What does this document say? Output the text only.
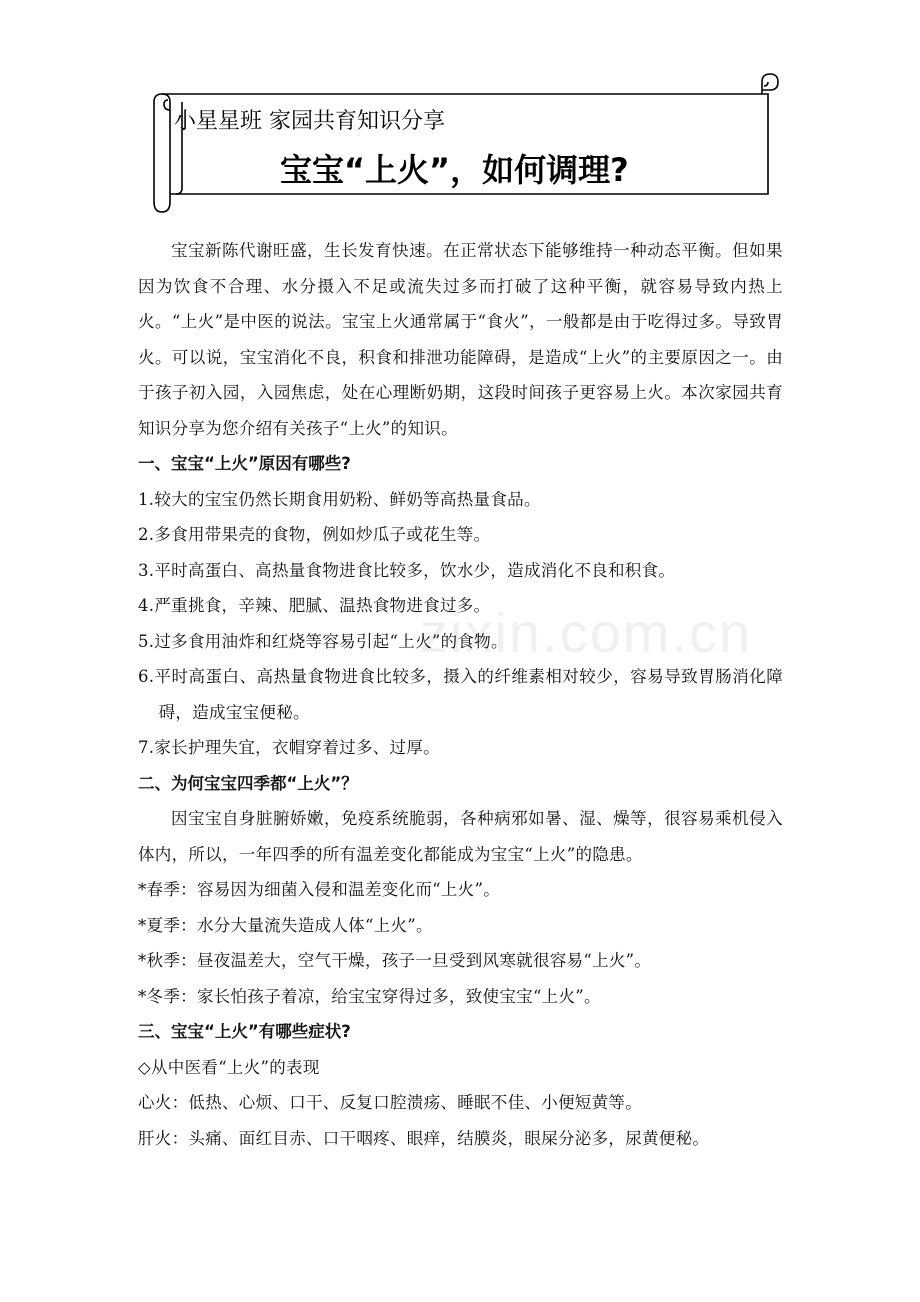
小星星班 家园共育知识分享
宝宝“上火”，如何调理?
zixin.com.cn

宝宝新陈代谢旺盛，生长发育快速。在正常状态下能够维持一种动态平衡。但如果因为饮食不合理、水分摄入不足或流失过多而打破了这种平衡，就容易导致内热上火。“上火”是中医的说法。宝宝上火通常属于“食火”，一般都是由于吃得过多。导致胃火。可以说，宝宝消化不良，积食和排泄功能障碍，是造成“上火”的主要原因之一。由于孩子初入园，入园焦虑，处在心理断奶期，这段时间孩子更容易上火。本次家园共育知识分享为您介绍有关孩子“上火”的知识。

一、宝宝“上火”原因有哪些?

1.较大的宝宝仍然长期食用奶粉、鲜奶等高热量食品。

2.多食用带果壳的食物，例如炒瓜子或花生等。

3.平时高蛋白、高热量食物进食比较多，饮水少，造成消化不良和积食。

4.严重挑食，辛辣、肥腻、温热食物进食过多。

5.过多食用油炸和红烧等容易引起“上火”的食物。

6.平时高蛋白、高热量食物进食比较多，摄入的纤维素相对较少，容易导致胃肠消化障碍，造成宝宝便秘。

7.家长护理失宜，衣帽穿着过多、过厚。

二、为何宝宝四季都“上火”？

因宝宝自身脏腑娇嫩，免疫系统脆弱，各种病邪如暑、湿、燥等，很容易乘机侵入体内，所以，一年四季的所有温差变化都能成为宝宝“上火”的隐患。

*春季：容易因为细菌入侵和温差变化而“上火”。

*夏季：水分大量流失造成人体“上火”。

*秋季：昼夜温差大，空气干燥，孩子一旦受到风寒就很容易“上火”。

*冬季：家长怕孩子着凉，给宝宝穿得过多，致使宝宝“上火”。

三、宝宝“上火”有哪些症状?

◇从中医看“上火”的表现

心火：低热、心烦、口干、反复口腔溃疡、睡眠不佳、小便短黄等。

肝火：头痛、面红目赤、口干咽疼、眼痒，结膜炎，眼屎分泌多，尿黄便秘。
